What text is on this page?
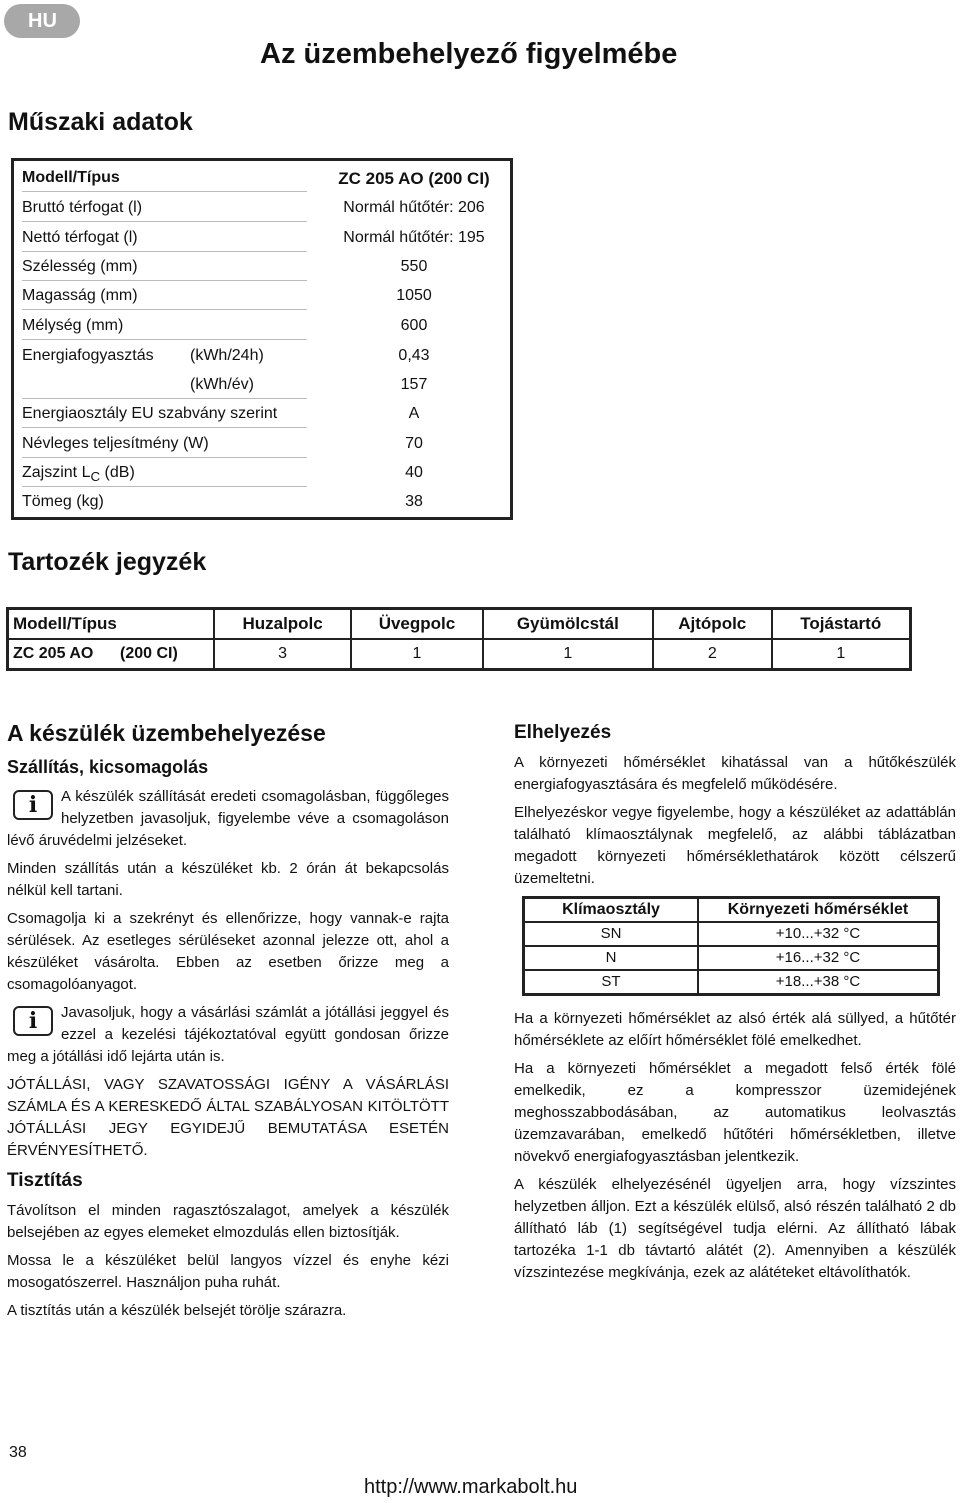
HU
Az üzembehelyező figyelmébe
Műszaki adatok
Modell/Típus	ZC 205 AO (200 CI)
Bruttó térfogat (l)	Normál hűtőtér: 206
Nettó térfogat (l)	Normál hűtőtér: 195
Szélesség (mm)	550
Magasság (mm)	1050
Mélység (mm)	600
Energiafogyasztás (kWh/24h)	0,43
(kWh/év)	157
Energiaosztály EU szabvány szerint	A
Névleges teljesítmény (W)	70
Zajszint $L_C$ (dB)	40
Tömeg (kg)	38
Tartozék jegyzék
Modell/Típus	Huzalpolc	Üvegpolc	Gyümölcstál	Ajtópolc	Tojástartó
ZC 205 AO (200 CI)	3	1	1	2	1
A készülék üzembehelyezése
Szállítás, kicsomagolás
i	A készülék szállítását eredeti csomagolásban, függőleges helyzetben javasoljuk, figyelembe véve a csomagoláson lévő áruvédelmi jelzéseket.

Minden szállítás után a készüléket kb. 2 órán át bekapcsolás nélkül kell tartani.

Csomagolja ki a szekrényt és ellenőrizze, hogy vannak-e rajta sérülések. Az esetleges sérüléseket azonnal jelezze ott, ahol a készüléket vásárolta. Ebben az esetben őrizze meg a csomagolóanyagot.

i	Javasoljuk, hogy a vásárlási számlát a jótállási jeggyel és ezzel a kezelési tájékoztatóval együtt gondosan őrizze meg a jótállási idő lejárta után is.

JÓTÁLLÁSI, VAGY SZAVATOSSÁGI IGÉNY A VÁSÁRLÁSI SZÁMLA ÉS A KERESKEDŐ ÁLTAL SZABÁLYOSAN KITÖLTÖTT JÓTÁLLÁSI JEGY EGYIDEJŰ BEMUTATÁSA ESETÉN ÉRVÉNYESÍTHETŐ.

Tisztítás

Távolítson el minden ragasztószalagot, amelyek a készülék belsejében az egyes elemeket elmozdulás ellen biztosítják.

Mossa le a készüléket belül langyos vízzel és enyhe kézi mosogatószerrel. Használjon puha ruhát.

A tisztítás után a készülék belsejét törölje szárazra.

Elhelyezés

A környezeti hőmérséklet kihatással van a hűtőkészülék energiafogyasztására és megfelelő működésére.

Elhelyezéskor vegye figyelembe, hogy a készüléket az adattáblán található klímaosztálynak megfelelő, az alábbi táblázatban megadott környezeti hőmérséklethatárok között célszerű üzemeltetni.

Klímaosztály	Környezeti hőmérséklet
SN	+10...+32 °C
N	+16...+32 °C
ST	+18...+38 °C

Ha a környezeti hőmérséklet az alsó érték alá süllyed, a hűtőtér hőmérséklete az előírt hőmérséklet fölé emelkedhet.

Ha a környezeti hőmérséklet a megadott felső érték fölé emelkedik, ez a kompresszor üzemidejének meghosszabbodásában, az automatikus leolvasztás üzemzavarában, emelkedő hűtőtéri hőmérsékletben, illetve növekvő energiafogyasztásban jelentkezik.

A készülék elhelyezésénél ügyeljen arra, hogy vízszintes helyzetben álljon. Ezt a készülék elülső, alsó részén található 2 db állítható láb (1) segítségével tudja elérni. Az állítható lábak tartozéka 1-1 db távtartó alátét (2). Amennyiben a készülék vízszintezése megkívánja, ezek az alátéteket eltávolíthatók.

38
http://www.markabolt.hu
